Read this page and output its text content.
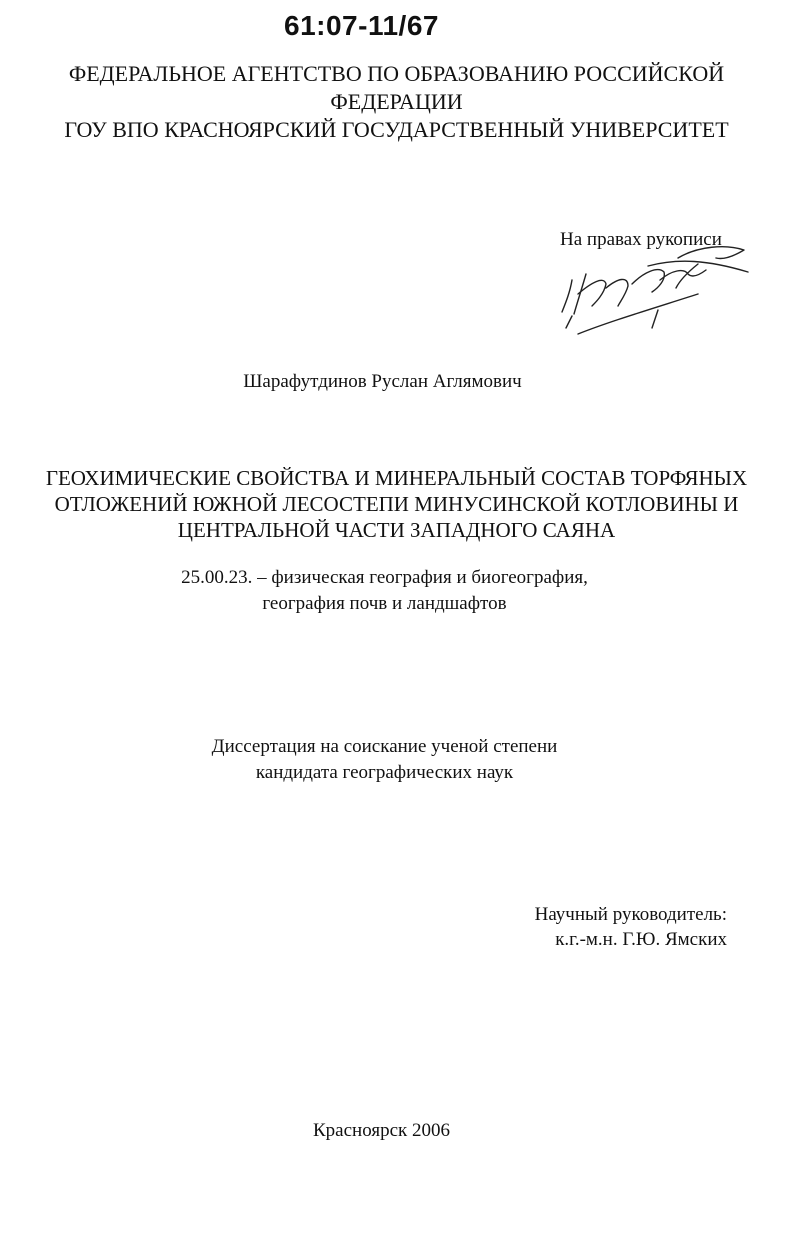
61:07-11/67
ФЕДЕРАЛЬНОЕ АГЕНТСТВО ПО ОБРАЗОВАНИЮ РОССИЙСКОЙ
ФЕДЕРАЦИИ
ГОУ ВПО КРАСНОЯРСКИЙ ГОСУДАРСТВЕННЫЙ УНИВЕРСИТЕТ
На правах рукописи
Шарафутдинов Руслан Аглямович
ГЕОХИМИЧЕСКИЕ СВОЙСТВА И МИНЕРАЛЬНЫЙ СОСТАВ ТОРФЯНЫХ
ОТЛОЖЕНИЙ ЮЖНОЙ ЛЕСОСТЕПИ МИНУСИНСКОЙ КОТЛОВИНЫ И
ЦЕНТРАЛЬНОЙ ЧАСТИ ЗАПАДНОГО САЯНА
25.00.23. – физическая география и биогеография,
география почв и ландшафтов
Диссертация на соискание ученой степени
кандидата географических наук
Научный руководитель:
к.г.-м.н. Г.Ю. Ямских
Красноярск 2006
